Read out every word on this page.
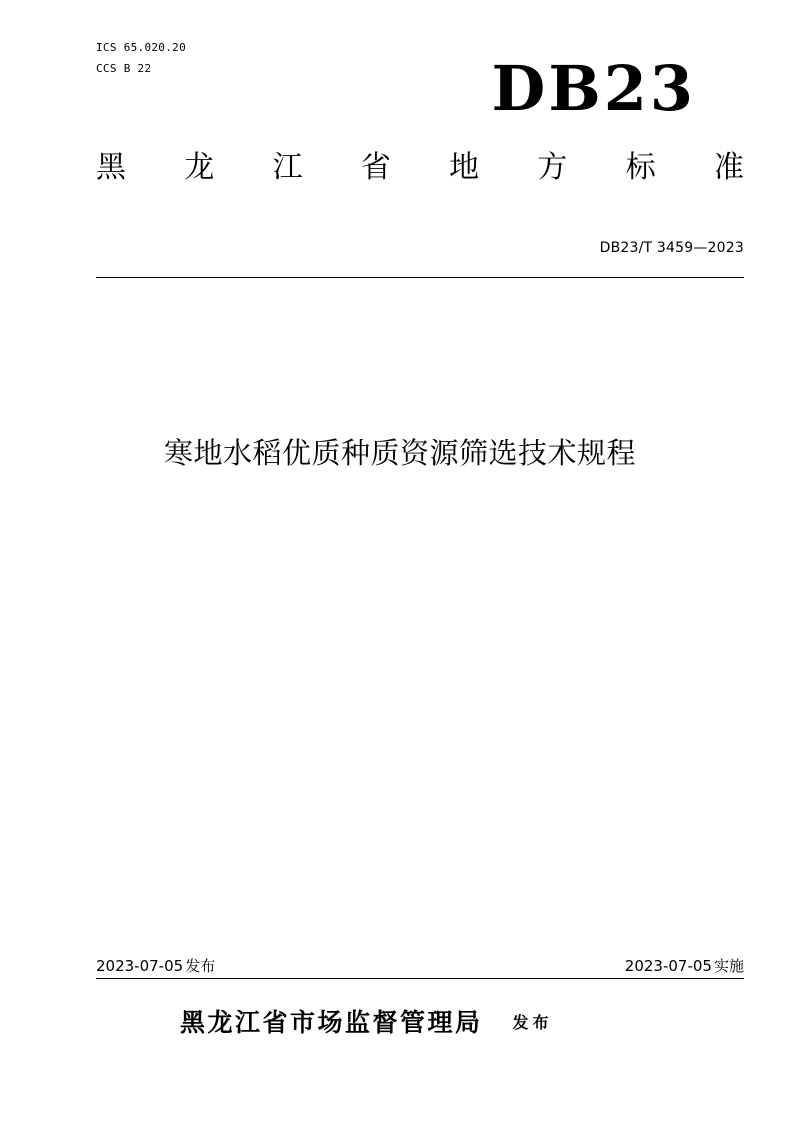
ICS 65.020.20
CCS B 22	DB23
黑 龙 江 省 地 方 标 准
DB23/T 3459—2023
寒地水稻优质种质资源筛选技术规程
2023-07-05 发布	2023-07-05 实施
黑龙江省市场监督管理局 发布
